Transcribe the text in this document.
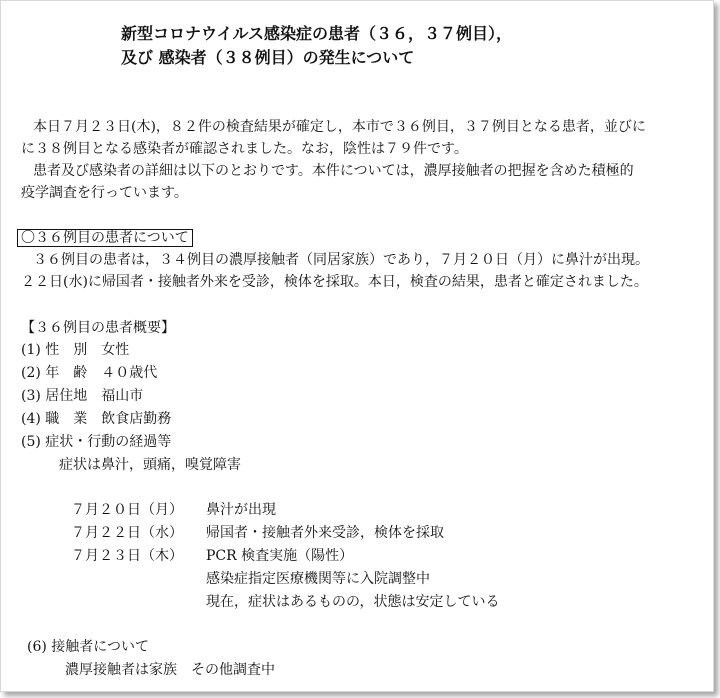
新型コロナウイルス感染症の患者（３６，３７例目），
及び 感染者（３８例目）の発生について
本日７月２３日(木)，８２件の検査結果が確定し，本市で３６例目，３７例目となる患者，並びに
に３８例目となる感染者が確認されました。なお，陰性は７９件です。
患者及び感染者の詳細は以下のとおりです。本件については，濃厚接触者の把握を含めた積極的
疫学調査を行っています。
〇３６例目の患者について
３６例目の患者は，３４例目の濃厚接触者（同居家族）であり，７月２０日（月）に鼻汁が出現。
２２日(水)に帰国者・接触者外来を受診，検体を採取。本日，検査の結果，患者と確定されました。
【３６例目の患者概要】
(1) 性　別　女性
(2) 年　齢　４０歳代
(3) 居住地　福山市
(4) 職　業　飲食店勤務
(5) 症状・行動の経過等
症状は鼻汁，頭痛，嗅覚障害
７月２０日（月） 鼻汁が出現
７月２２日（水） 帰国者・接触者外来受診，検体を採取
７月２３日（木） PCR 検査実施（陽性）
感染症指定医療機関等に入院調整中
現在，症状はあるものの，状態は安定している
(6) 接触者について
濃厚接触者は家族　その他調査中
